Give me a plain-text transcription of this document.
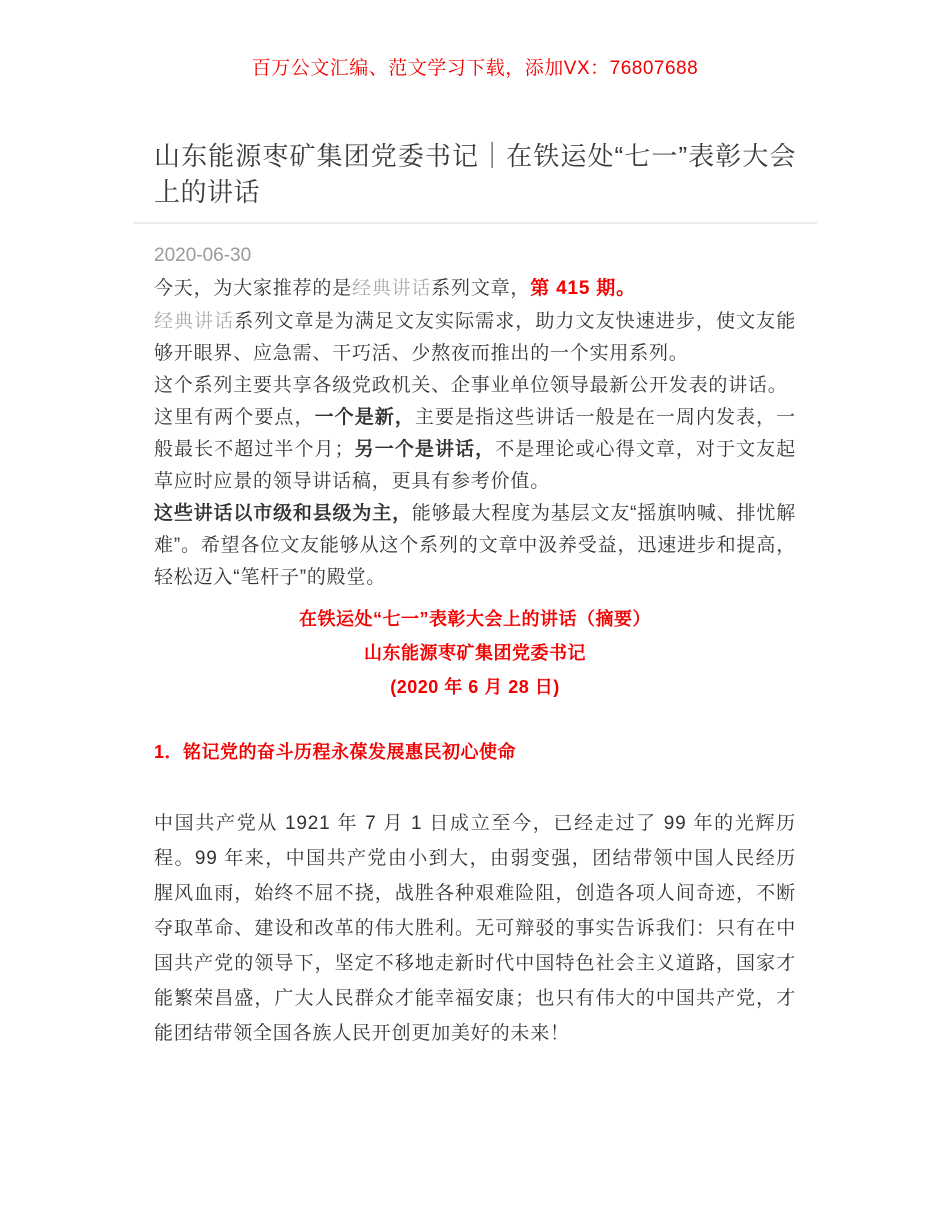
百万公文汇编、范文学习下载，添加VX：76807688
山东能源枣矿集团党委书记｜在铁运处“七一”表彰大会上的讲话
2020-06-30

今天，为大家推荐的是经典讲话系列文章，第 415 期。

经典讲话系列文章是为满足文友实际需求，助力文友快速进步，使文友能够开眼界、应急需、干巧活、少熬夜而推出的一个实用系列。

这个系列主要共享各级党政机关、企事业单位领导最新公开发表的讲话。

这里有两个要点，一个是新，主要是指这些讲话一般是在一周内发表，一般最长不超过半个月；另一个是讲话，不是理论或心得文章，对于文友起草应时应景的领导讲话稿，更具有参考价值。

这些讲话以市级和县级为主，能够最大程度为基层文友“摇旗呐喊、排忧解难”。希望各位文友能够从这个系列的文章中汲养受益，迅速进步和提高，轻松迈入“笔杆子”的殿堂。

在铁运处“七一”表彰大会上的讲话（摘要）
山东能源枣矿集团党委书记
(2020 年 6 月 28 日)
1．铭记党的奋斗历程永葆发展惠民初心使命

中国共产党从 1921 年 7 月 1 日成立至今，已经走过了 99 年的光辉历程。99 年来，中国共产党由小到大，由弱变强，团结带领中国人民经历腥风血雨，始终不屈不挠，战胜各种艰难险阻，创造各项人间奇迹，不断夺取革命、建设和改革的伟大胜利。无可辩驳的事实告诉我们：只有在中国共产党的领导下，坚定不移地走新时代中国特色社会主义道路，国家才能繁荣昌盛，广大人民群众才能幸福安康；也只有伟大的中国共产党，才能团结带领全国各族人民开创更加美好的未来！
